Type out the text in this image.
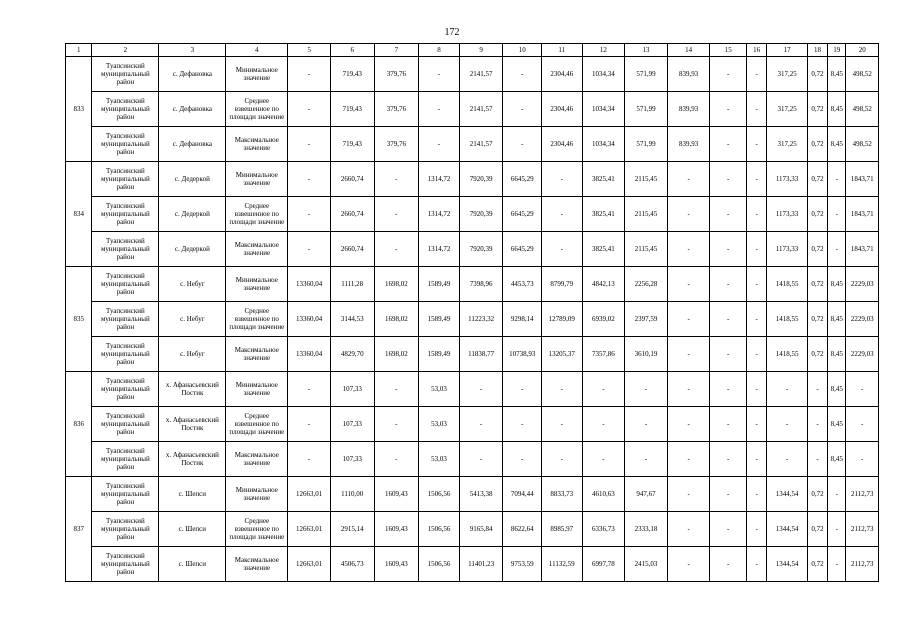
172
1	2	3	4	5	6	7	8	9	10	11	12	13	14	15	16	17	18	19	20
833	Туапсинский муниципальный район	с. Дефановка	Минимальное значение	-	719,43	379,76	-	2141,57	-	2304,46	1034,34	571,99	839,93	-	-	317,25	0,72	8,45	498,52
	Туапсинский муниципальный район	с. Дефановка	Среднее взвешенное по площади значение	-	719,43	379,76	-	2141,57	-	2304,46	1034,34	571,99	839,93	-	-	317,25	0,72	8,45	498,52
	Туапсинский муниципальный район	с. Дефановка	Максимальное значение	-	719,43	379,76	-	2141,57	-	2304,46	1034,34	571,99	839,93	-	-	317,25	0,72	8,45	498,52
834	Туапсинский муниципальный район	с. Дедеркой	Минимальное значение	-	2660,74	-	1314,72	7920,39	6645,29	-	3825,41	2115,45	-	-	-	1173,33	0,72	-	1843,71
	Туапсинский муниципальный район	с. Дедеркой	Среднее взвешенное по площади значение	-	2660,74	-	1314,72	7920,39	6645,29	-	3825,41	2115,45	-	-	-	1173,33	0,72	-	1843,71
	Туапсинский муниципальный район	с. Дедеркой	Максимальное значение	-	2660,74	-	1314,72	7920,39	6645,29	-	3825,41	2115,45	-	-	-	1173,33	0,72	-	1843,71
835	Туапсинский муниципальный район	с. Небуг	Минимальное значение	13360,04	1111,28	1698,02	1589,49	7398,96	4453,73	8799,79	4842,13	2256,28	-	-	-	1418,55	0,72	8,45	2229,03
	Туапсинский муниципальный район	с. Небуг	Среднее взвешенное по площади значение	13360,04	3144,53	1698,02	1589,49	11223,32	9298,14	12789,09	6939,02	2397,59	-	-	-	1418,55	0,72	8,45	2229,03
	Туапсинский муниципальный район	с. Небуг	Максимальное значение	13360,04	4829,70	1698,02	1589,49	11838,77	10738,93	13205,37	7357,86	3610,19	-	-	-	1418,55	0,72	8,45	2229,03
836	Туапсинский муниципальный район	х. Афанасьевский Постик	Минимальное значение	-	107,33	-	53,03	-	-	-	-	-	-	-	-	-	-	8,45	-
	Туапсинский муниципальный район	х. Афанасьевский Постик	Среднее взвешенное по площади значение	-	107,33	-	53,03	-	-	-	-	-	-	-	-	-	-	8,45	-
	Туапсинский муниципальный район	х. Афанасьевский Постик	Максимальное значение	-	107,33	-	53,03	-	-	-	-	-	-	-	-	-	-	8,45	-
837	Туапсинский муниципальный район	с. Шепси	Минимальное значение	12663,01	1110,00	1609,43	1506,56	5413,38	7094,44	8833,73	4610,63	947,67	-	-	-	1344,54	0,72	-	2112,73
	Туапсинский муниципальный район	с. Шепси	Среднее взвешенное по площади значение	12663,01	2915,14	1609,43	1506,56	9165,84	8622,64	8985,97	6336,73	2333,18	-	-	-	1344,54	0,72	-	2112,73
	Туапсинский муниципальный район	с. Шепси	Максимальное значение	12663,01	4506,73	1609,43	1506,56	11401,23	9753,59	11132,59	6997,78	2415,03	-	-	-	1344,54	0,72	-	2112,73
